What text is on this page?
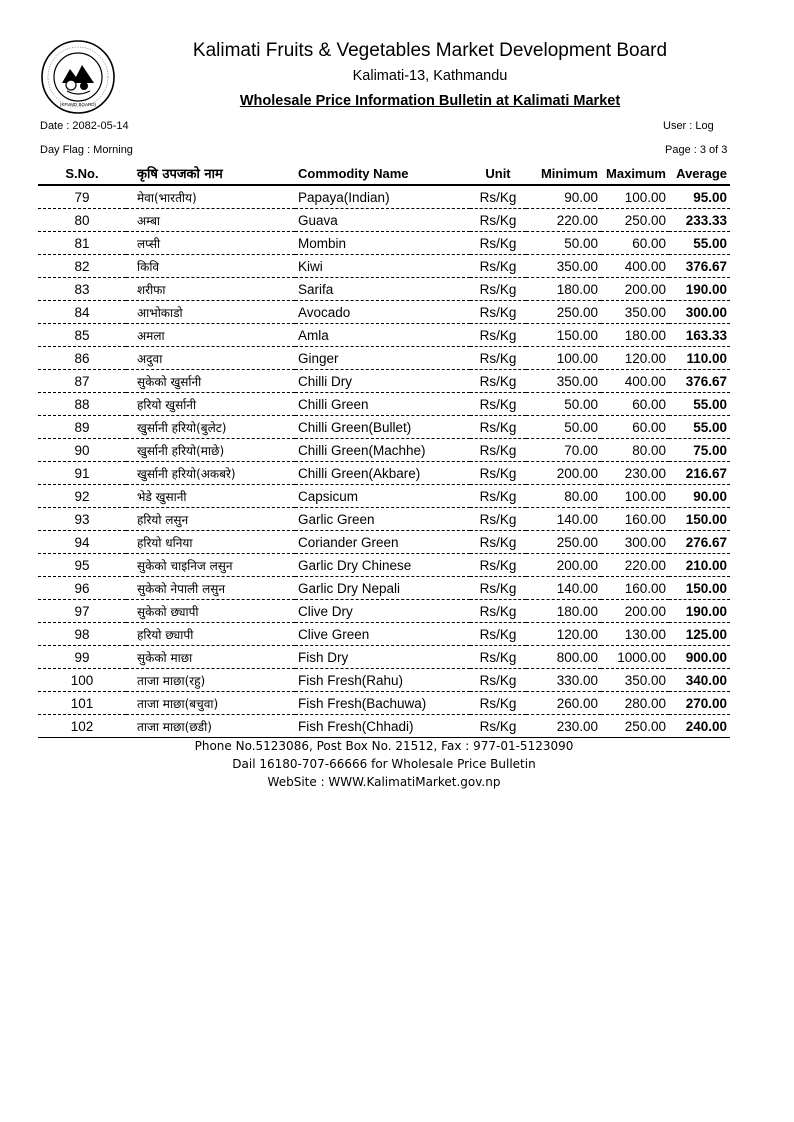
(KFVMD BOARD)
Kalimati Fruits & Vegetables Market Development Board
Kalimati-13, Kathmandu
Wholesale Price Information Bulletin at Kalimati Market
Date : 2082-05-14	User : Log
Day Flag : Morning	Page : 3 of 3
S.No.	कृषि उपजको नाम	Commodity Name	Unit	Minimum	Maximum	Average
79	मेवा(भारतीय)	Papaya(Indian)	Rs/Kg	90.00	100.00	95.00
80	अम्बा	Guava	Rs/Kg	220.00	250.00	233.33
81	लप्सी	Mombin	Rs/Kg	50.00	60.00	55.00
82	किवि	Kiwi	Rs/Kg	350.00	400.00	376.67
83	शरीफा	Sarifa	Rs/Kg	180.00	200.00	190.00
84	आभोकाडो	Avocado	Rs/Kg	250.00	350.00	300.00
85	अमला	Amla	Rs/Kg	150.00	180.00	163.33
86	अदुवा	Ginger	Rs/Kg	100.00	120.00	110.00
87	सुकेको खुर्सानी	Chilli Dry	Rs/Kg	350.00	400.00	376.67
88	हरियो खुर्सानी	Chilli Green	Rs/Kg	50.00	60.00	55.00
89	खुर्सानी हरियो(बुलेट)	Chilli Green(Bullet)	Rs/Kg	50.00	60.00	55.00
90	खुर्सानी हरियो(माछे)	Chilli Green(Machhe)	Rs/Kg	70.00	80.00	75.00
91	खुर्सानी हरियो(अकबरे)	Chilli Green(Akbare)	Rs/Kg	200.00	230.00	216.67
92	भेडे खुसानी	Capsicum	Rs/Kg	80.00	100.00	90.00
93	हरियो लसुन	Garlic Green	Rs/Kg	140.00	160.00	150.00
94	हरियो धनिया	Coriander Green	Rs/Kg	250.00	300.00	276.67
95	सुकेको चाइनिज लसुन	Garlic Dry Chinese	Rs/Kg	200.00	220.00	210.00
96	सुकेको नेपाली लसुन	Garlic Dry Nepali	Rs/Kg	140.00	160.00	150.00
97	सुकेको छ्यापी	Clive Dry	Rs/Kg	180.00	200.00	190.00
98	हरियो छ्यापी	Clive Green	Rs/Kg	120.00	130.00	125.00
99	सुकेको माछा	Fish Dry	Rs/Kg	800.00	1000.00	900.00
100	ताजा माछा(रहु)	Fish Fresh(Rahu)	Rs/Kg	330.00	350.00	340.00
101	ताजा माछा(बचुवा)	Fish Fresh(Bachuwa)	Rs/Kg	260.00	280.00	270.00
102	ताजा माछा(छडी)	Fish Fresh(Chhadi)	Rs/Kg	230.00	250.00	240.00
Phone No.5123086, Post Box No. 21512, Fax : 977-01-5123090
Dail 16180-707-66666 for Wholesale Price Bulletin
WebSite : WWW.KalimatiMarket.gov.np
